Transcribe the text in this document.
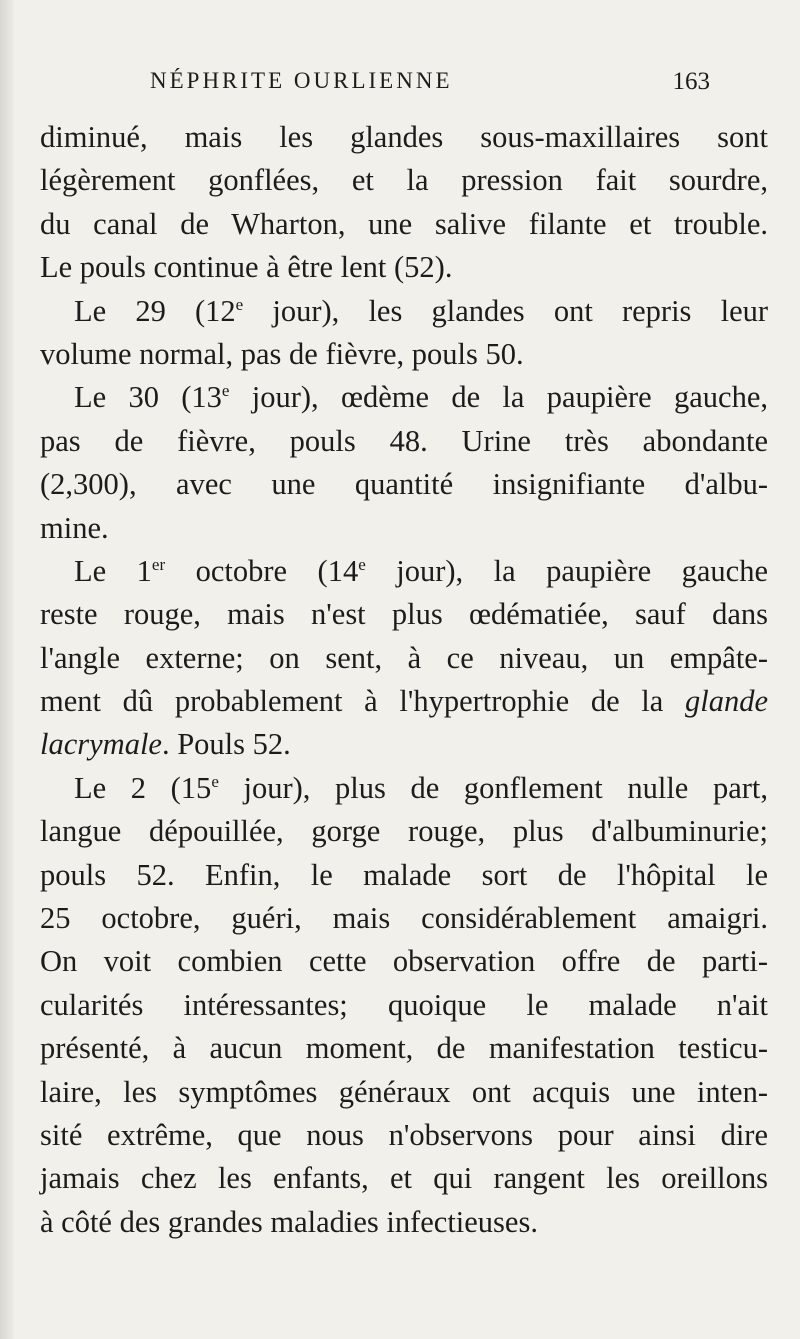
NÉPHRITE OURLIENNE	163
diminué, mais les glandes sous-maxillaires sont
légèrement gonflées, et la pression fait sourdre,
du canal de Wharton, une salive filante et trouble.
Le pouls continue à être lent (52).
Le 29 (12e jour), les glandes ont repris leur
volume normal, pas de fièvre, pouls 50.
Le 30 (13e jour), œdème de la paupière gauche,
pas de fièvre, pouls 48. Urine très abondante
(2,300), avec une quantité insignifiante d'albu-
mine.
Le 1er octobre (14e jour), la paupière gauche
reste rouge, mais n'est plus œdématiée, sauf dans
l'angle externe; on sent, à ce niveau, un empâte-
ment dû probablement à l'hypertrophie de la glande
lacrymale. Pouls 52.
Le 2 (15e jour), plus de gonflement nulle part,
langue dépouillée, gorge rouge, plus d'albuminurie;
pouls 52. Enfin, le malade sort de l'hôpital le
25 octobre, guéri, mais considérablement amaigri.
On voit combien cette observation offre de parti-
cularités intéressantes; quoique le malade n'ait
présenté, à aucun moment, de manifestation testicu-
laire, les symptômes généraux ont acquis une inten-
sité extrême, que nous n'observons pour ainsi dire
jamais chez les enfants, et qui rangent les oreillons
à côté des grandes maladies infectieuses.
